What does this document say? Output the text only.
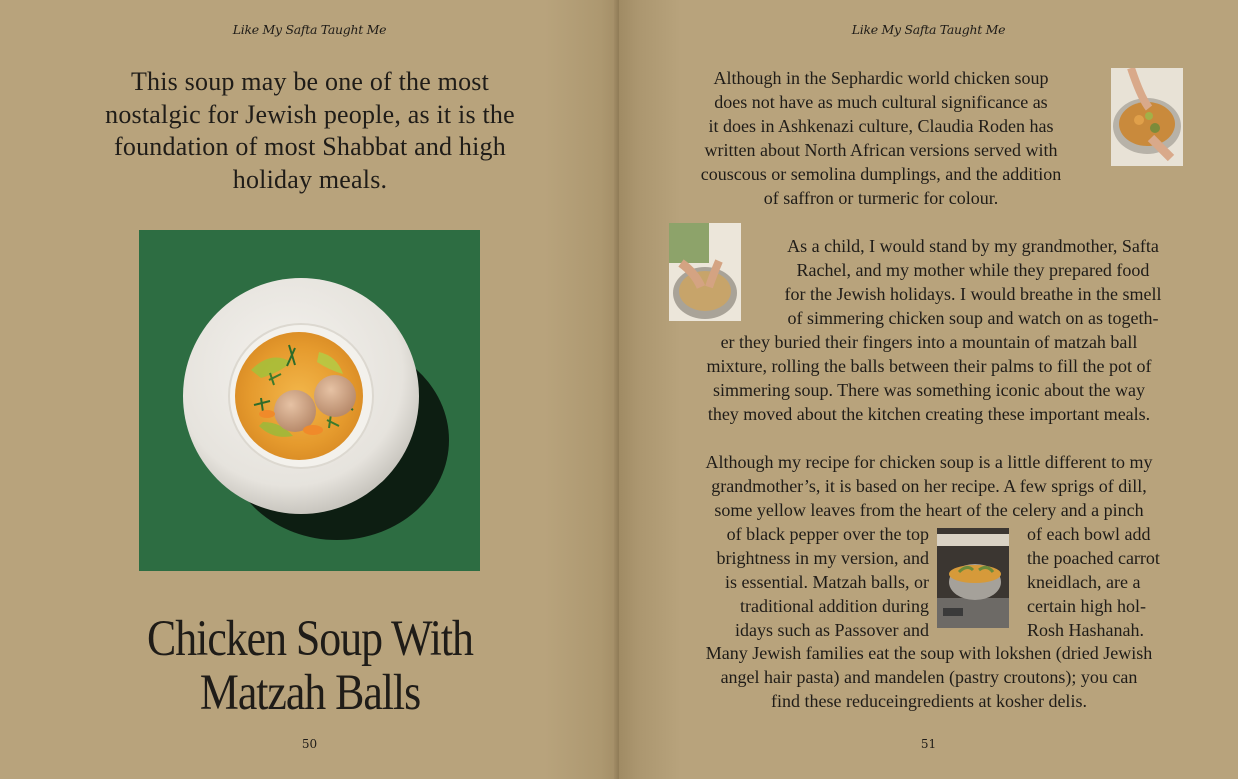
Like My Safta Taught Me
This soup may be one of the most
nostalgic for Jewish people, as it is the
foundation of most Shabbat and high
holiday meals.
Chicken Soup With
Matzah Balls
50
Like My Safta Taught Me
Although in the Sephardic world chicken soup
does not have as much cultural significance as
it does in Ashkenazi culture, Claudia Roden has
written about North African versions served with
couscous or semolina dumplings, and the addition
of saffron or turmeric for colour.
As a child, I would stand by my grandmother, Safta
Rachel, and my mother while they prepared food
for the Jewish holidays. I would breathe in the smell
of simmering chicken soup and watch on as togeth-
er they buried their fingers into a mountain of matzah ball
mixture, rolling the balls between their palms to fill the pot of
simmering soup. There was something iconic about the way
they moved about the kitchen creating these important meals.
Although my recipe for chicken soup is a little different to my
grandmother’s, it is based on her recipe. A few sprigs of dill,
some yellow leaves from the heart of the celery and a pinch
of black pepper over the top
brightness in my version, and
is essential. Matzah balls, or
traditional addition during
idays such as Passover and
of each bowl add
the poached carrot
kneidlach, are a
certain high hol-
Rosh Hashanah.
Many Jewish families eat the soup with lokshen (dried Jewish
angel hair pasta) and mandelen (pastry croutons); you can
find these reduceingredients at kosher delis.
51
